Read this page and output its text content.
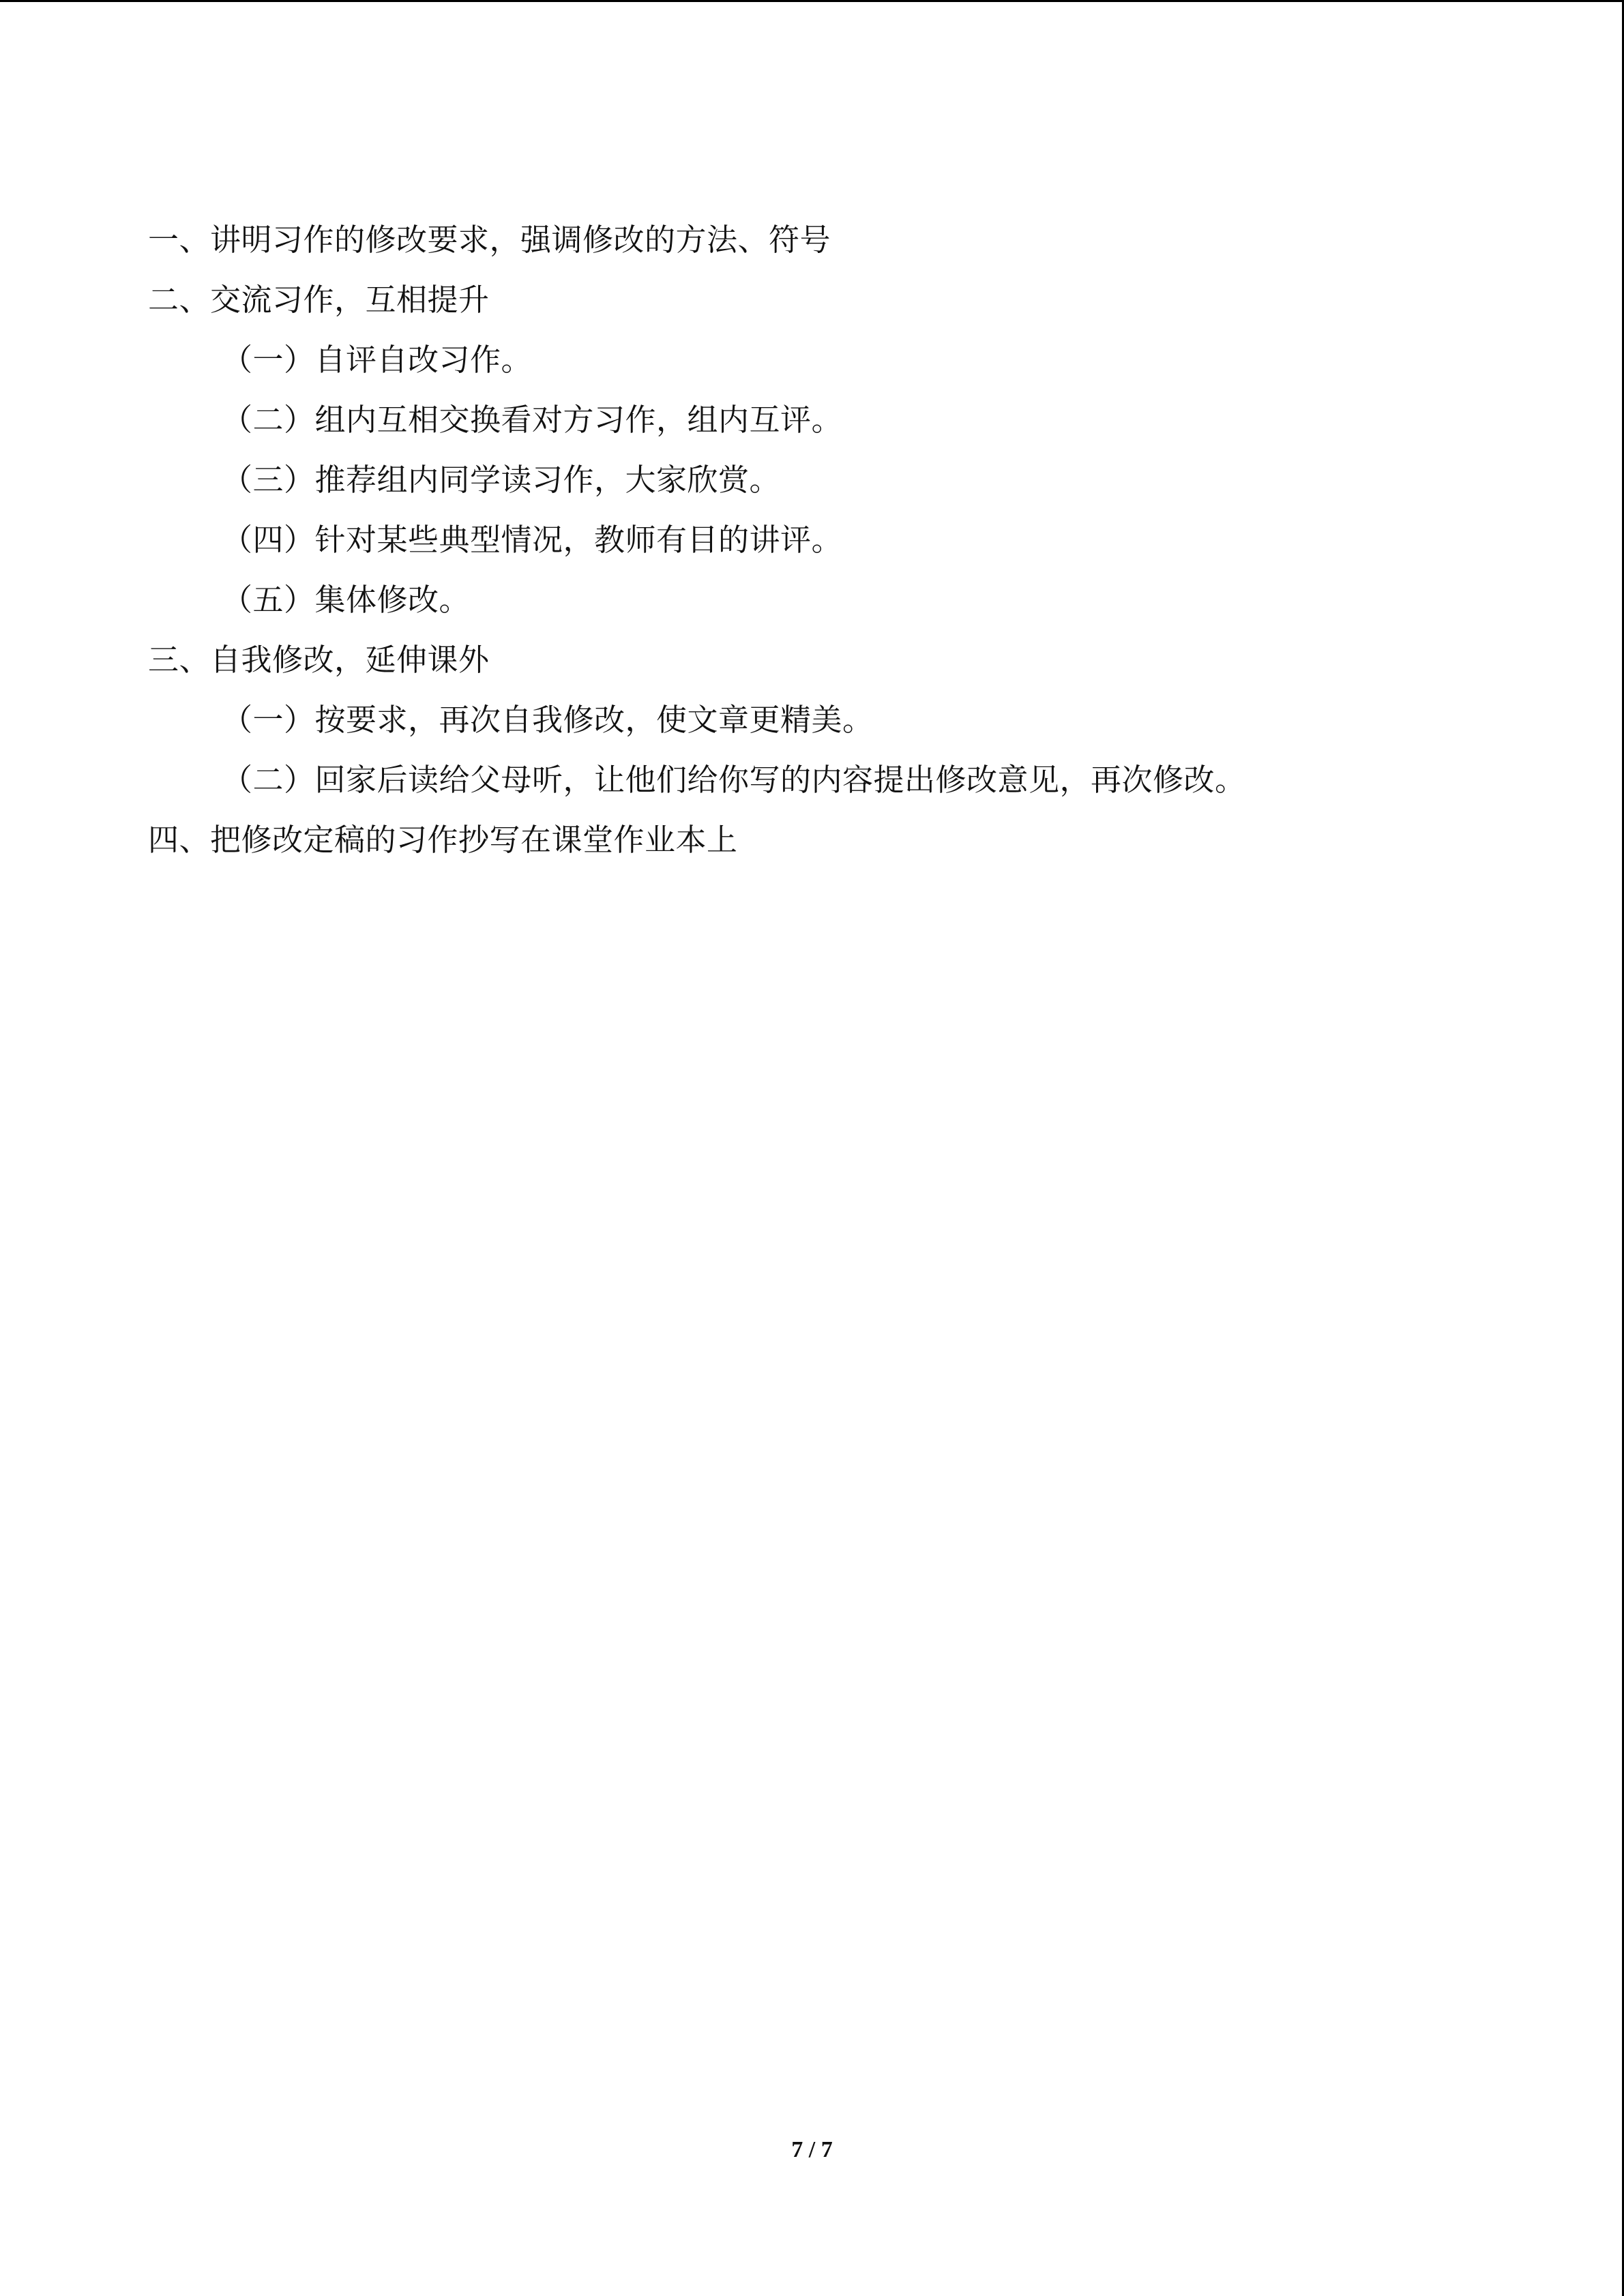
一、讲明习作的修改要求，强调修改的方法、符号
二、交流习作，互相提升
（一）自评自改习作。
（二）组内互相交换看对方习作，组内互评。
（三）推荐组内同学读习作，大家欣赏。
（四）针对某些典型情况，教师有目的讲评。
（五）集体修改。
三、自我修改，延伸课外
（一）按要求，再次自我修改，使文章更精美。
（二）回家后读给父母听，让他们给你写的内容提出修改意见，再次修改。
四、把修改定稿的习作抄写在课堂作业本上
7 / 7
